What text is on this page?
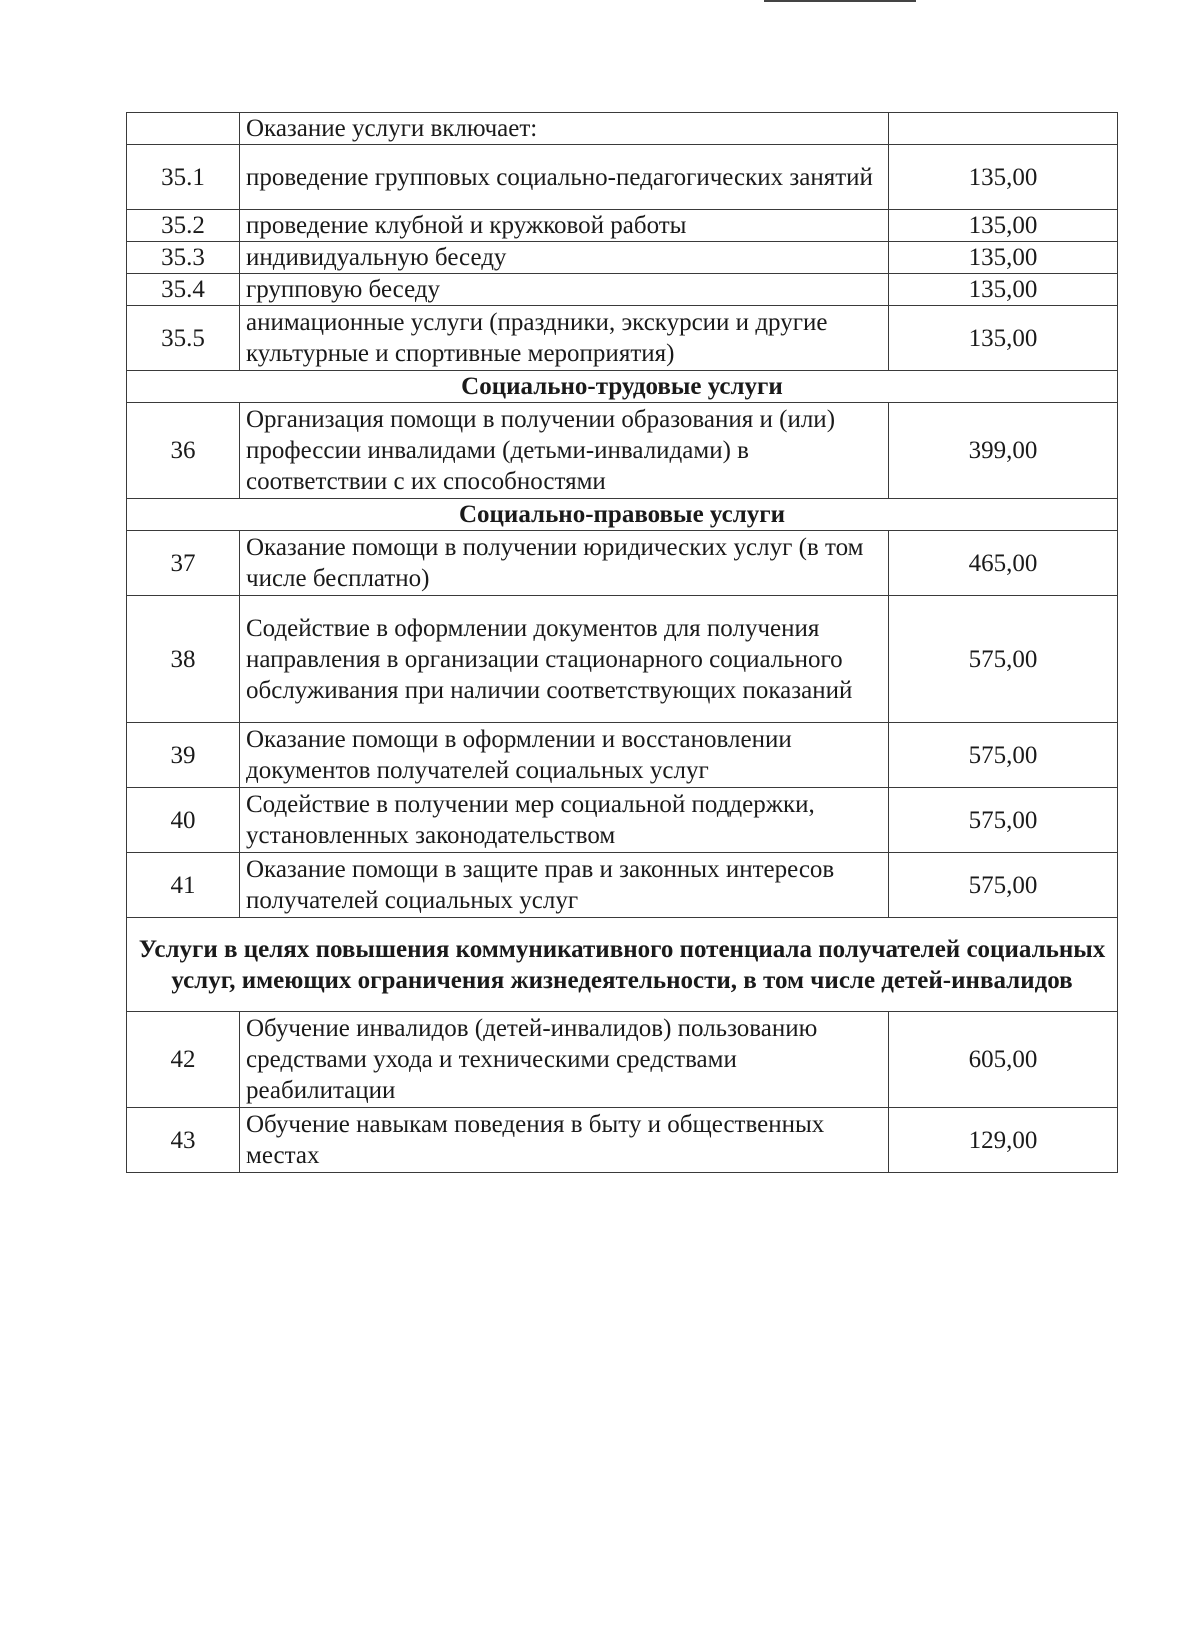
	Оказание услуги включает:	
35.1	проведение групповых социально-педагогических занятий	135,00
35.2	проведение клубной и кружковой работы	135,00
35.3	индивидуальную беседу	135,00
35.4	групповую беседу	135,00
35.5	анимационные услуги (праздники, экскурсии и другие культурные и спортивные мероприятия)	135,00
Социально-трудовые услуги		
36	Организация помощи в получении образования и (или) профессии инвалидами (детьми-инвалидами) в соответствии с их способностями	399,00
Социально-правовые услуги		
37	Оказание помощи в получении юридических услуг (в том числе бесплатно)	465,00
38	Содействие в оформлении документов для получения направления в организации стационарного социального обслуживания при наличии соответствующих показаний	575,00
39	Оказание помощи в оформлении и восстановлении документов получателей социальных услуг	575,00
40	Содействие в получении мер социальной поддержки, установленных законодательством	575,00
41	Оказание помощи в защите прав и законных интересов получателей социальных услуг	575,00
Услуги в целях повышения коммуникативного потенциала получателей социальных услуг, имеющих ограничения жизнедеятельности, в том числе детей-инвалидов		
42	Обучение инвалидов (детей-инвалидов) пользованию средствами ухода и техническими средствами реабилитации	605,00
43	Обучение навыкам поведения в быту и общественных местах	129,00
